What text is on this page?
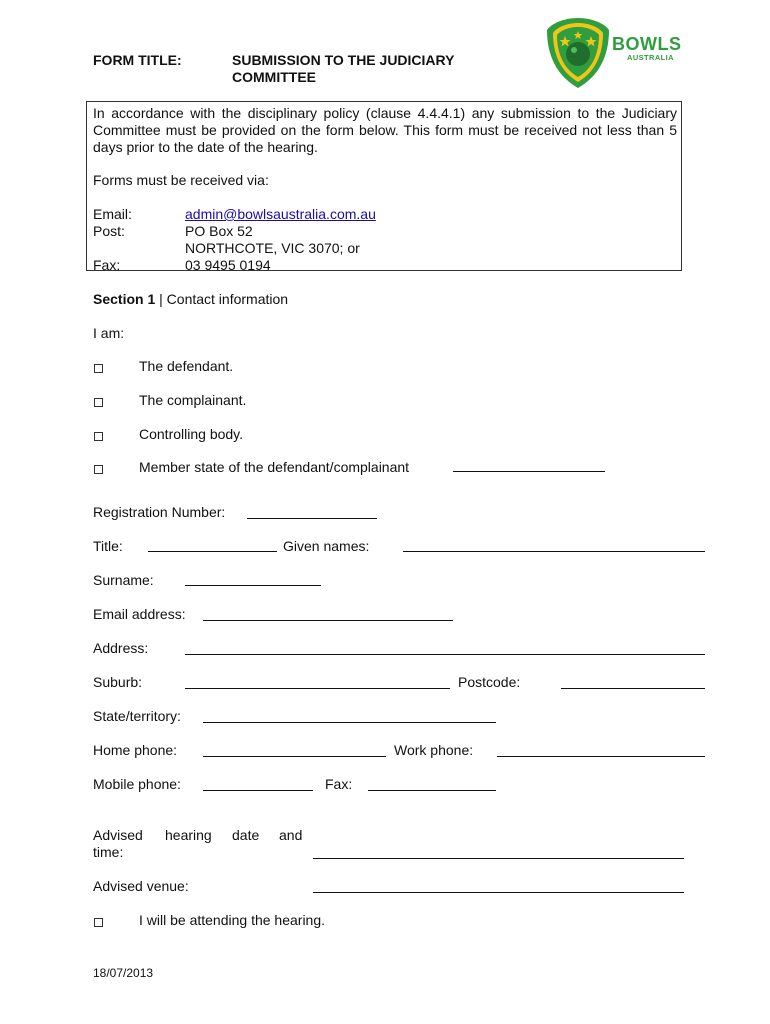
FORM TITLE:	SUBMISSION TO THE JUDICIARY COMMITTEE
BOWLS
AUSTRALIA
In accordance with the disciplinary policy (clause 4.4.4.1) any submission to the Judiciary Committee must be provided on the form below. This form must be received not less than 5 days prior to the date of the hearing.
Forms must be received via:
Email:	admin@bowlsaustralia.com.au
Post:	PO Box 52
NORTHCOTE, VIC 3070; or
Fax:	03 9495 0194
Section 1 | Contact information
I am:
The defendant.
The complainant.
Controlling body.
Member state of the defendant/complainant
Registration Number:
Title:	Given names:
Surname:
Email address:
Address:
Suburb:	Postcode:
State/territory:
Home phone:	Work phone:
Mobile phone:	Fax:
Advised hearing date and
time:
Advised venue:
I will be attending the hearing.
18/07/2013
